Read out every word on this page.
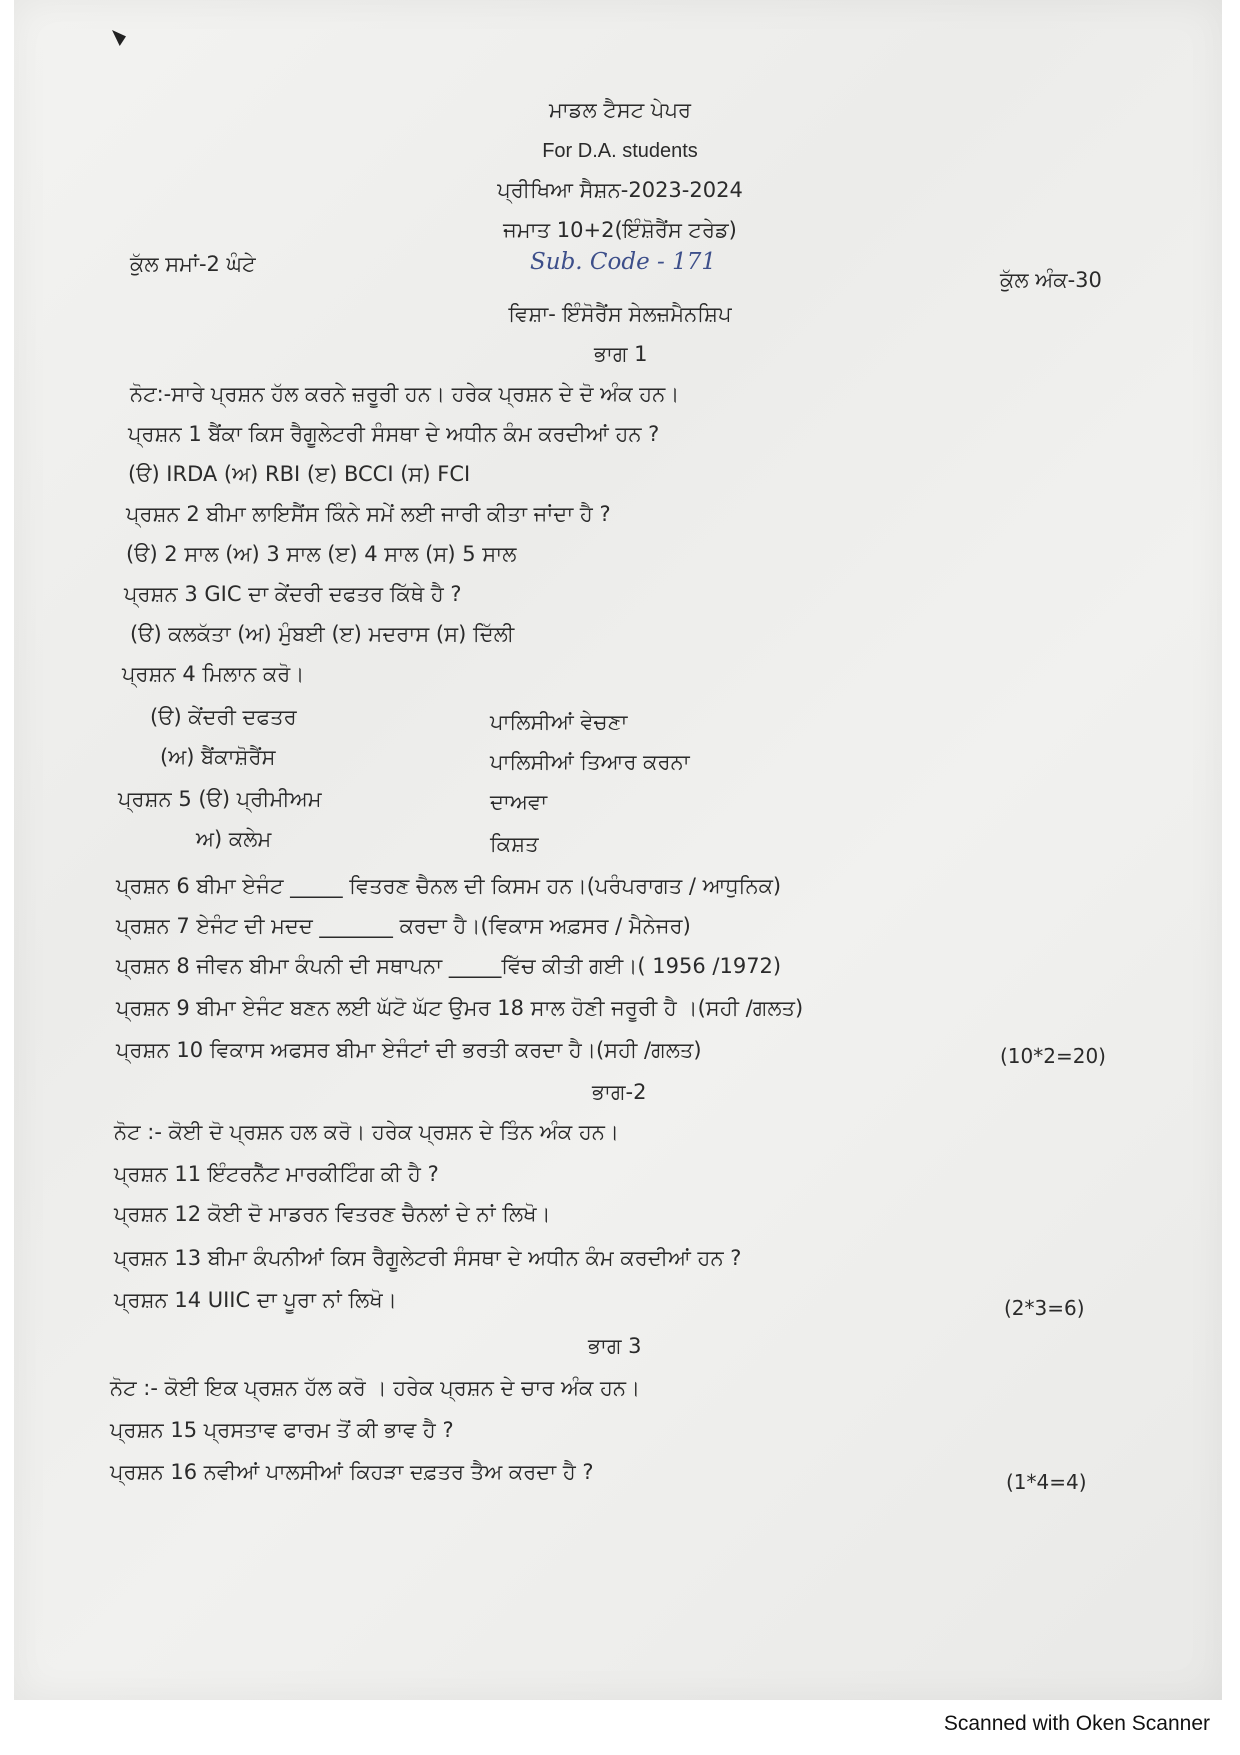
ਮਾਡਲ ਟੈਸਟ ਪੇਪਰ
For D.A. students
ਪ੍ਰੀਖਿਆ ਸੈਸ਼ਨ-2023-2024
ਜਮਾਤ 10+2(ਇੰਸ਼ੋਰੈਂਸ ਟਰੇਡ)
ਕੁੱਲ ਸਮਾਂ-2 ਘੰਟੇ	Sub. Code - 171
ਕੁੱਲ ਅੰਕ-30
ਵਿਸ਼ਾ- ਇੰਸੋਰੈਂਸ ਸੇਲਜ਼ਮੈਨਸ਼ਿਪ
ਭਾਗ 1
ਨੋਟ:-ਸਾਰੇ ਪ੍ਰਸ਼ਨ ਹੱਲ ਕਰਨੇ ਜ਼ਰੂਰੀ ਹਨ। ਹਰੇਕ ਪ੍ਰਸ਼ਨ ਦੇ ਦੋ ਅੰਕ ਹਨ।
ਪ੍ਰਸ਼ਨ 1 ਬੈਂਕਾ ਕਿਸ ਰੈਗੂਲੇਟਰੀ ਸੰਸਥਾ ਦੇ ਅਧੀਨ ਕੰਮ ਕਰਦੀਆਂ ਹਨ ?
(ੳ) IRDA (ਅ) RBI (ੲ) BCCI (ਸ) FCI
ਪ੍ਰਸ਼ਨ 2 ਬੀਮਾ ਲਾਇਸੈਂਸ ਕਿੰਨੇ ਸਮੇਂ ਲਈ ਜਾਰੀ ਕੀਤਾ ਜਾਂਦਾ ਹੈ ?
(ੳ) 2 ਸਾਲ (ਅ) 3 ਸਾਲ (ੲ) 4 ਸਾਲ (ਸ) 5 ਸਾਲ
ਪ੍ਰਸ਼ਨ 3 GIC ਦਾ ਕੇਂਦਰੀ ਦਫਤਰ ਕਿੱਥੇ ਹੈ ?
(ੳ) ਕਲਕੱਤਾ (ਅ) ਮੁੰਬਈ (ੲ) ਮਦਰਾਸ (ਸ) ਦਿੱਲੀ
ਪ੍ਰਸ਼ਨ 4 ਮਿਲਾਨ ਕਰੋ।
(ੳ) ਕੇਂਦਰੀ ਦਫਤਰ	ਪਾਲਿਸੀਆਂ ਵੇਚਣਾ
(ਅ) ਬੈਂਕਾਸ਼ੋਰੈਂਸ	ਪਾਲਿਸੀਆਂ ਤਿਆਰ ਕਰਨਾ
ਪ੍ਰਸ਼ਨ 5 (ੳ) ਪ੍ਰੀਮੀਅਮ	ਦਾਅਵਾ
ਅ) ਕਲੇਮ	ਕਿਸ਼ਤ
ਪ੍ਰਸ਼ਨ 6 ਬੀਮਾ ਏਜੰਟ _____ ਵਿਤਰਣ ਚੈਨਲ ਦੀ ਕਿਸਮ ਹਨ।(ਪਰੰਪਰਾਗਤ / ਆਧੁਨਿਕ)
ਪ੍ਰਸ਼ਨ 7 ਏਜੰਟ ਦੀ ਮਦਦ _______ ਕਰਦਾ ਹੈ।(ਵਿਕਾਸ ਅਫ਼ਸਰ / ਮੈਨੇਜਰ)
ਪ੍ਰਸ਼ਨ 8 ਜੀਵਨ ਬੀਮਾ ਕੰਪਨੀ ਦੀ ਸਥਾਪਨਾ _____ਵਿੱਚ ਕੀਤੀ ਗਈ।( 1956 /1972)
ਪ੍ਰਸ਼ਨ 9 ਬੀਮਾ ਏਜੰਟ ਬਣਨ ਲਈ ਘੱਟੋ ਘੱਟ ਉਮਰ 18 ਸਾਲ ਹੋਣੀ ਜਰੂਰੀ ਹੈ ।(ਸਹੀ /ਗਲਤ)
ਪ੍ਰਸ਼ਨ 10 ਵਿਕਾਸ ਅਫਸਰ ਬੀਮਾ ਏਜੰਟਾਂ ਦੀ ਭਰਤੀ ਕਰਦਾ ਹੈ।(ਸਹੀ /ਗਲਤ)	(10*2=20)
ਭਾਗ-2
ਨੋਟ :- ਕੋਈ ਦੋ ਪ੍ਰਸ਼ਨ ਹਲ ਕਰੋ। ਹਰੇਕ ਪ੍ਰਸ਼ਨ ਦੇ ਤਿੰਨ ਅੰਕ ਹਨ।
ਪ੍ਰਸ਼ਨ 11 ਇੰਟਰਨੈੱਟ ਮਾਰਕੀਟਿੰਗ ਕੀ ਹੈ ?
ਪ੍ਰਸ਼ਨ 12 ਕੋਈ ਦੋ ਮਾਡਰਨ ਵਿਤਰਣ ਚੈਨਲਾਂ ਦੇ ਨਾਂ ਲਿਖੋ।
ਪ੍ਰਸ਼ਨ 13 ਬੀਮਾ ਕੰਪਨੀਆਂ ਕਿਸ ਰੈਗੂਲੇਟਰੀ ਸੰਸਥਾ ਦੇ ਅਧੀਨ ਕੰਮ ਕਰਦੀਆਂ ਹਨ ?
ਪ੍ਰਸ਼ਨ 14 UIIC ਦਾ ਪੂਰਾ ਨਾਂ ਲਿਖੋ।	(2*3=6)
ਭਾਗ 3
ਨੋਟ :- ਕੋਈ ਇਕ ਪ੍ਰਸ਼ਨ ਹੱਲ ਕਰੋ । ਹਰੇਕ ਪ੍ਰਸ਼ਨ ਦੇ ਚਾਰ ਅੰਕ ਹਨ।
ਪ੍ਰਸ਼ਨ 15 ਪ੍ਰਸਤਾਵ ਫਾਰਮ ਤੋਂ ਕੀ ਭਾਵ ਹੈ ?
ਪ੍ਰਸ਼ਨ 16 ਨਵੀਆਂ ਪਾਲਸੀਆਂ ਕਿਹੜਾ ਦਫ਼ਤਰ ਤੈਅ ਕਰਦਾ ਹੈ ?	(1*4=4)
Scanned with Oken Scanner
